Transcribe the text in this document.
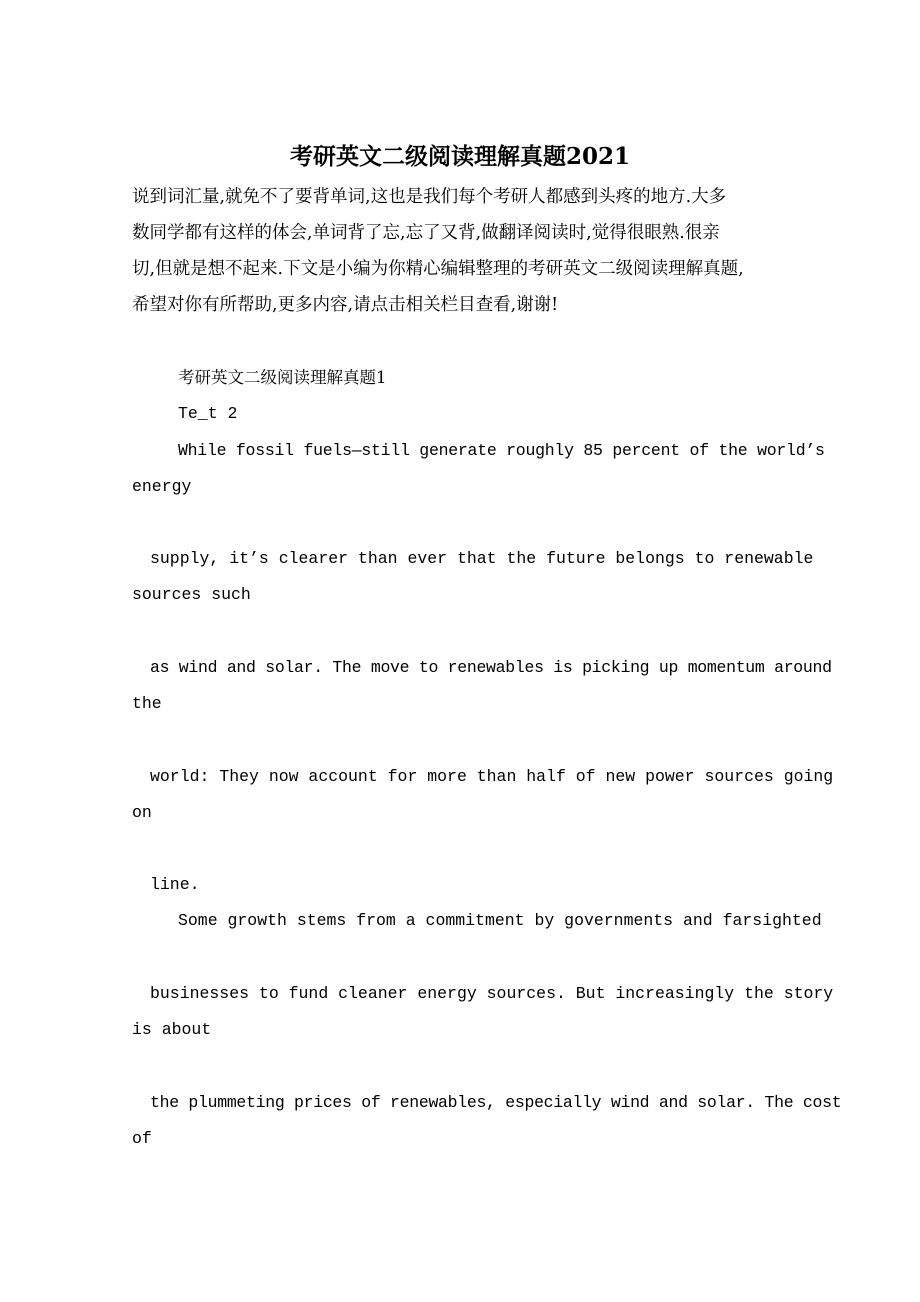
考研英文二级阅读理解真题2021
说到词汇量,就免不了要背单词,这也是我们每个考研人都感到头疼的地方.大多
数同学都有这样的体会,单词背了忘,忘了又背,做翻译阅读时,觉得很眼熟.很亲
切,但就是想不起来.下文是小编为你精心编辑整理的考研英文二级阅读理解真题,
希望对你有所帮助,更多内容,请点击相关栏目查看,谢谢!
考研英文二级阅读理解真题1
Te_t 2
While fossil fuels—still generate roughly 85 percent of the world’s
energy
supply, it’s clearer than ever that the future belongs to renewable
sources such
as wind and solar. The move to renewables is picking up momentum around
the
world: They now account for more than half of new power sources going
on
line.
Some growth stems from a commitment by governments and farsighted
businesses to fund cleaner energy sources. But increasingly the story
is about
the plummeting prices of renewables, especially wind and solar. The cost
of
